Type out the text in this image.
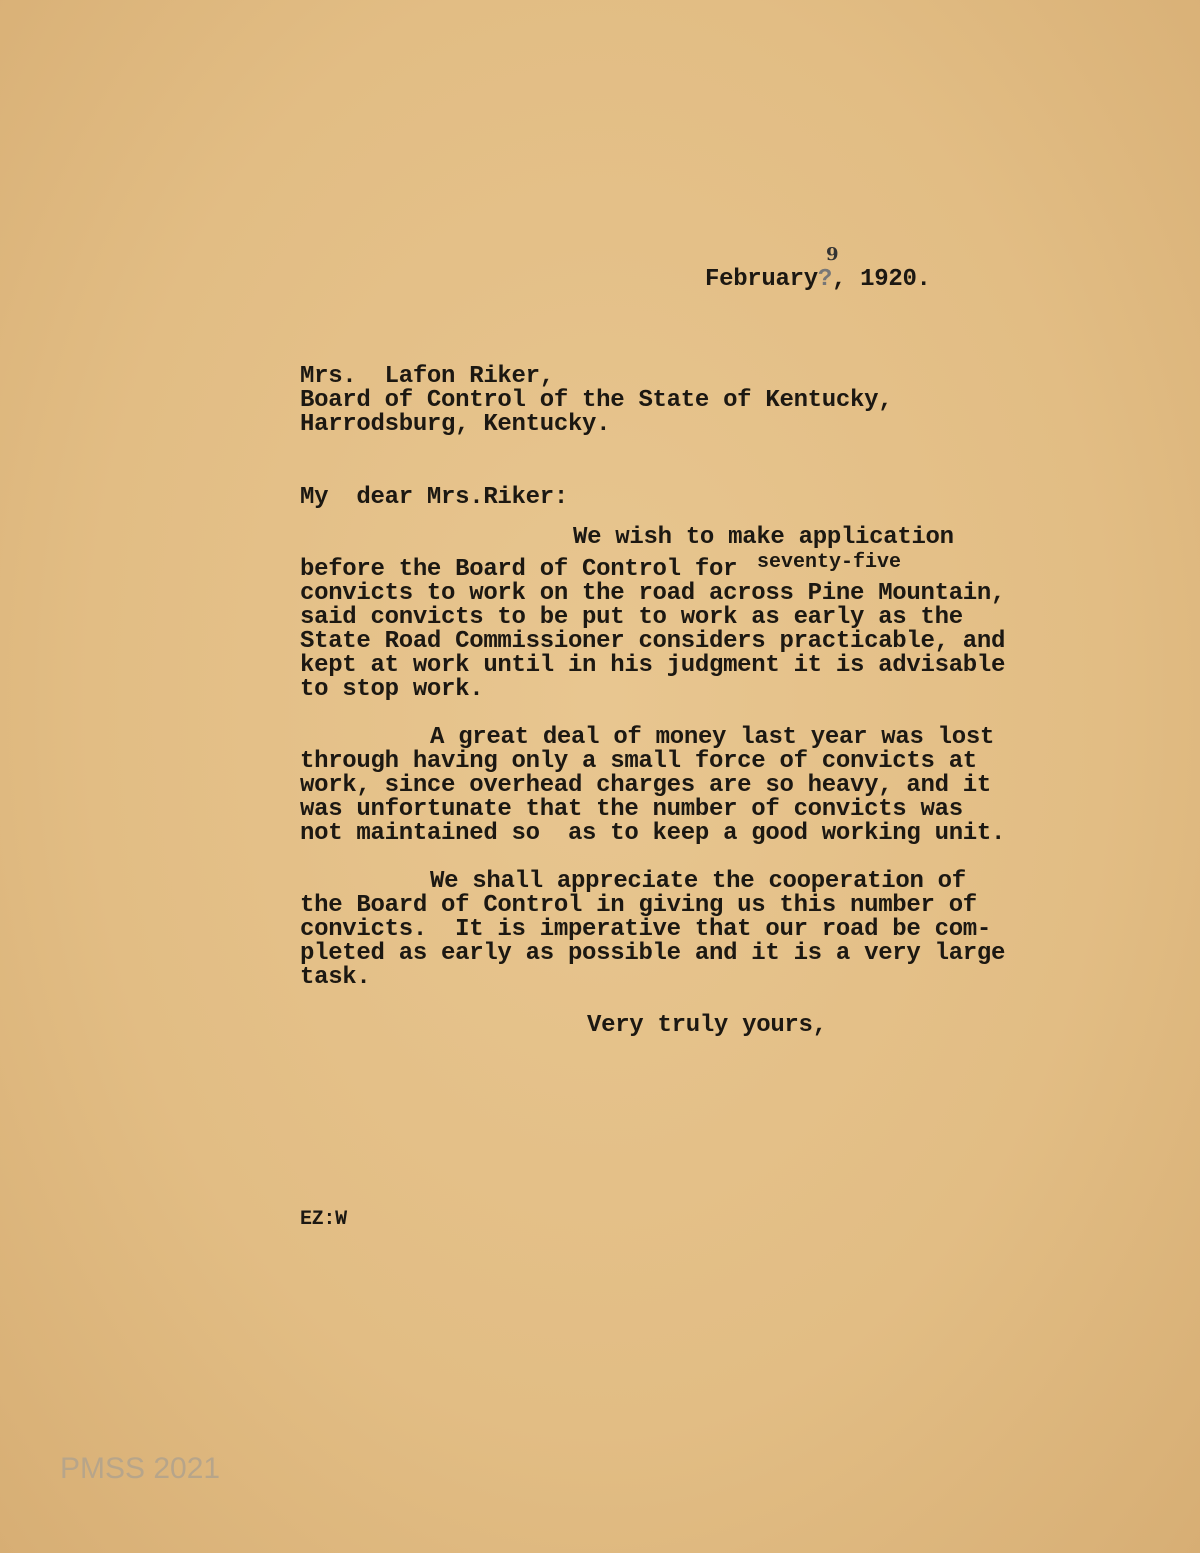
February?, 1920.
9
Mrs.  Lafon Riker,
Board of Control of the State of Kentucky,
Harrodsburg, Kentucky.
My  dear Mrs.Riker:
We wish to make application
before the Board of Control for seventy-five
convicts to work on the road across Pine Mountain,
said convicts to be put to work as early as the
State Road Commissioner considers practicable, and
kept at work until in his judgment it is advisable
to stop work.
A great deal of money last year was lost
through having only a small force of convicts at
work, since overhead charges are so heavy, and it
was unfortunate that the number of convicts was
not maintained so  as to keep a good working unit.
We shall appreciate the cooperation of
the Board of Control in giving us this number of
convicts.  It is imperative that our road be com-
pleted as early as possible and it is a very large
task.
Very truly yours,
EZ:W
PMSS 2021
